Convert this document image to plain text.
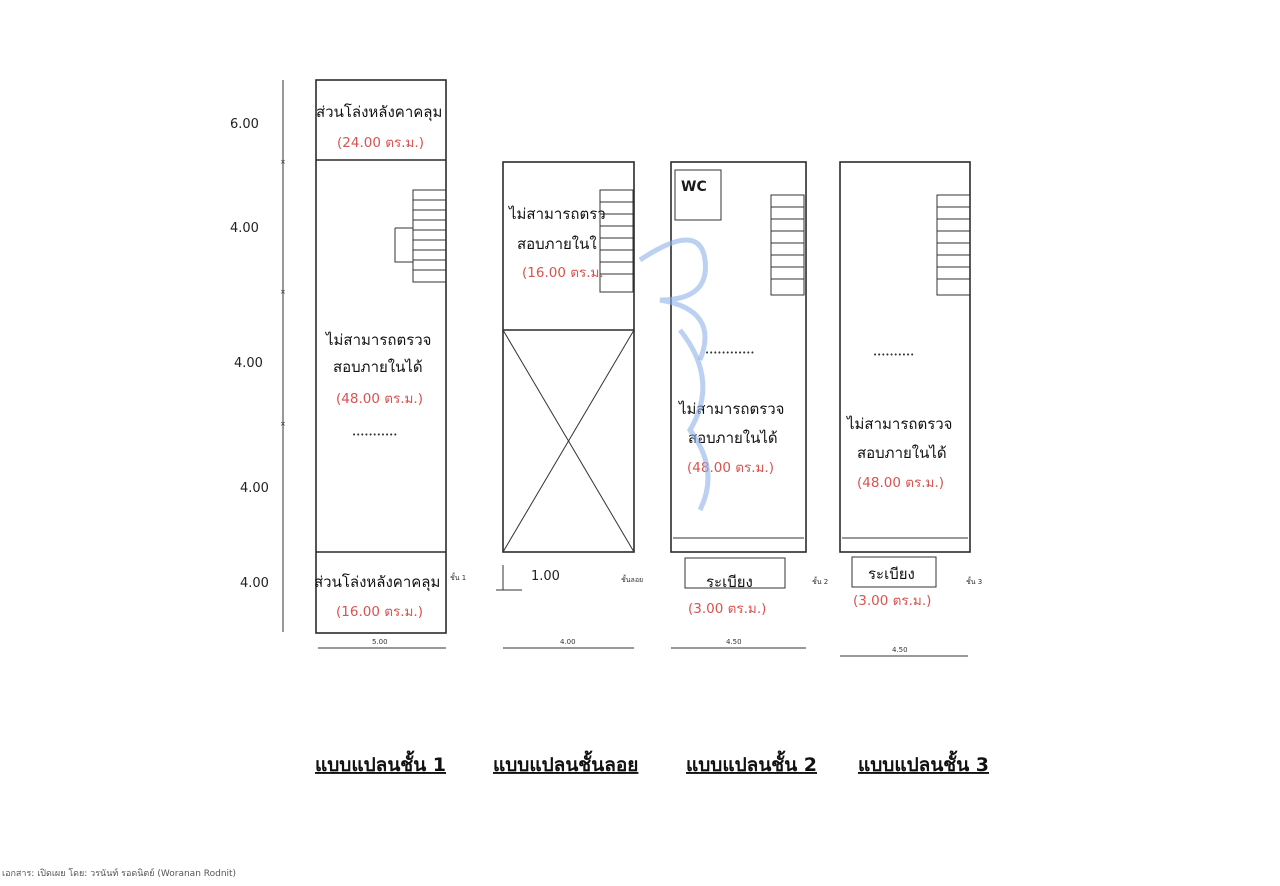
6.00
4.00
4.00
4.00
4.00
×
×
×
ส่วนโล่งหลังคาคลุม
(24.00 ตร.ม.)
ไม่สามารถตรวจ
สอบภายในได้
(48.00 ตร.ม.)
•••••••••••
ส่วนโล่งหลังคาคลุม
(16.00 ตร.ม.)
5.00
ชั้น 1
ไม่สามารถตรว
สอบภายในใ
(16.00 ตร.ม.
1.00
4.00
ชั้นลอย
WC
••••••••••••
ไม่สามารถตรวจ
สอบภายในได้
(48.00 ตร.ม.)
ระเบียง
(3.00 ตร.ม.)
4.50
ชั้น 2
••••••••••
ไม่สามารถตรวจ
สอบภายในได้
(48.00 ตร.ม.)
ระเบียง
(3.00 ตร.ม.)
4.50
ชั้น 3
แบบแปลนชั้น 1 แบบแปลนชั้นลอย	แบบแปลนชั้น 2 แบบแปลนชั้น 3
เอกสาร: เปิดเผย โดย: วรนันท์ รอดนิตย์ (Woranan Rodnit)
